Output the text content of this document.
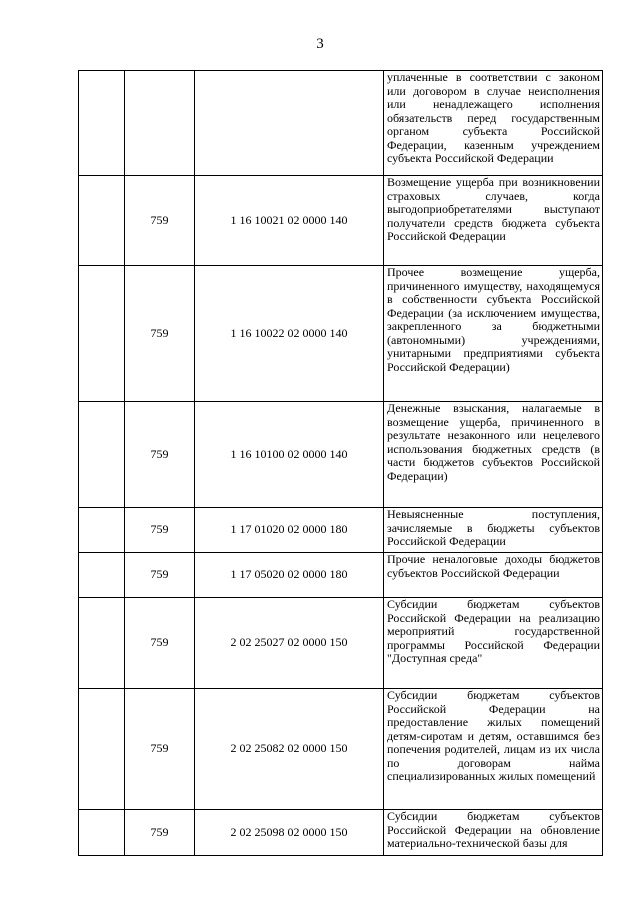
3
			уплаченные в соответствии с законом или договором в случае неисполнения или ненадлежащего исполнения обязательств перед государственным органом субъекта Российской Федерации, казенным учреждением субъекта Российской Федерации
	759	1 16 10021 02 0000 140	Возмещение ущерба при возникновении страховых случаев, когда выгодоприобретателями выступают получатели средств бюджета субъекта Российской Федерации
	759	1 16 10022 02 0000 140	Прочее возмещение ущерба, причиненного имуществу, находящемуся в собственности субъекта Российской Федерации (за исключением имущества, закрепленного за бюджетными (автономными) учреждениями, унитарными предприятиями субъекта Российской Федерации)
	759	1 16 10100 02 0000 140	Денежные взыскания, налагаемые в возмещение ущерба, причиненного в результате незаконного или нецелевого использования бюджетных средств (в части бюджетов субъектов Российской Федерации)
	759	1 17 01020 02 0000 180	Невыясненные поступления, зачисляемые в бюджеты субъектов Российской Федерации
	759	1 17 05020 02 0000 180	Прочие неналоговые доходы бюджетов субъектов Российской Федерации
	759	2 02 25027 02 0000 150	Субсидии бюджетам субъектов Российской Федерации на реализацию мероприятий государственной программы Российской Федерации "Доступная среда"
	759	2 02 25082 02 0000 150	Субсидии бюджетам субъектов Российской Федерации на предоставление жилых помещений детям-сиротам и детям, оставшимся без попечения родителей, лицам из их числа по договорам найма специализированных жилых помещений
	759	2 02 25098 02 0000 150	Субсидии бюджетам субъектов Российской Федерации на обновление материально-технической базы для
